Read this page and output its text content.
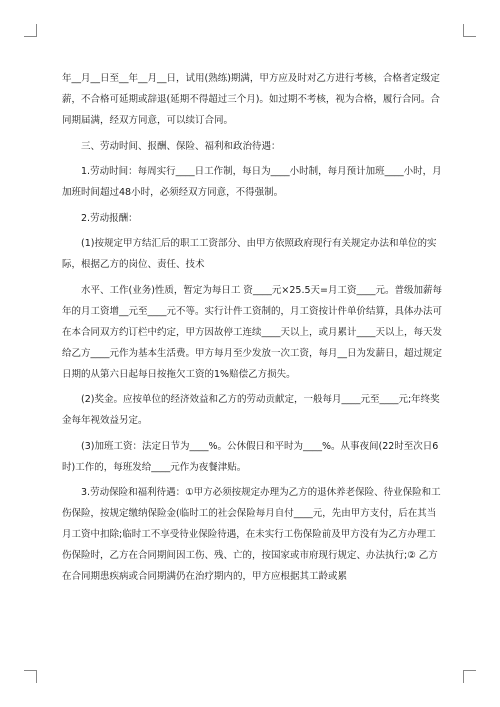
年__月__日至__年__月__日，试用(熟练)期满，甲方应及时对乙方进行考核，合格者定级定薪，不合格可延期或辞退(延期不得超过三个月)。如过期不考核，视为合格，履行合同。合同期届满，经双方同意，可以续订合同。

三、劳动时间、报酬、保险、福利和政治待遇：

1.劳动时间：每周实行____日工作制，每日为____小时制，每月预计加班____小时，月加班时间超过48小时，必须经双方同意，不得强制。

2.劳动报酬：

(1)按规定甲方结汇后的职工工资部分、由甲方依照政府现行有关规定办法和单位的实际，根据乙方的岗位、责任、技术

水平、工作(业务)性质，暂定为每日工 资____元×25.5天=月工资____元。普级加薪每年的月工资增__元至____元不等。实行计件工资制的，月工资按计件单价结算，具体办法可在本合同双方约订栏中约定，甲方因故停工连续____天以上，或月累计____天以上，每天发给乙方____元作为基本生活费。甲方每月至少发放一次工资，每月__日为发薪日，超过规定日期的从第六日起每日按拖欠工资的1%赔偿乙方损失。

(2)奖金。应按单位的经济效益和乙方的劳动贡献定，一般每月____元至____元;年终奖金每年视效益另定。

(3)加班工资：法定日节为____%。公休假日和平时为____%。从事夜间(22时至次日6时)工作的，每班发给____元作为夜餐津贴。

3.劳动保险和福利待遇：①甲方必须按规定办理为乙方的退休养老保险、待业保险和工伤保险，按规定缴纳保险金(临时工的社会保险每月自付____元，先由甲方支付，后在其当月工资中扣除;临时工不享受待业保险待遇，在未实行工伤保险前及甲方没有为乙方办理工伤保险时，乙方在合同期间因工伤、残、亡的，按国家或市府现行规定、办法执行;② 乙方在合同期患疾病或合同期满仍在治疗期内的，甲方应根据其工龄或累
